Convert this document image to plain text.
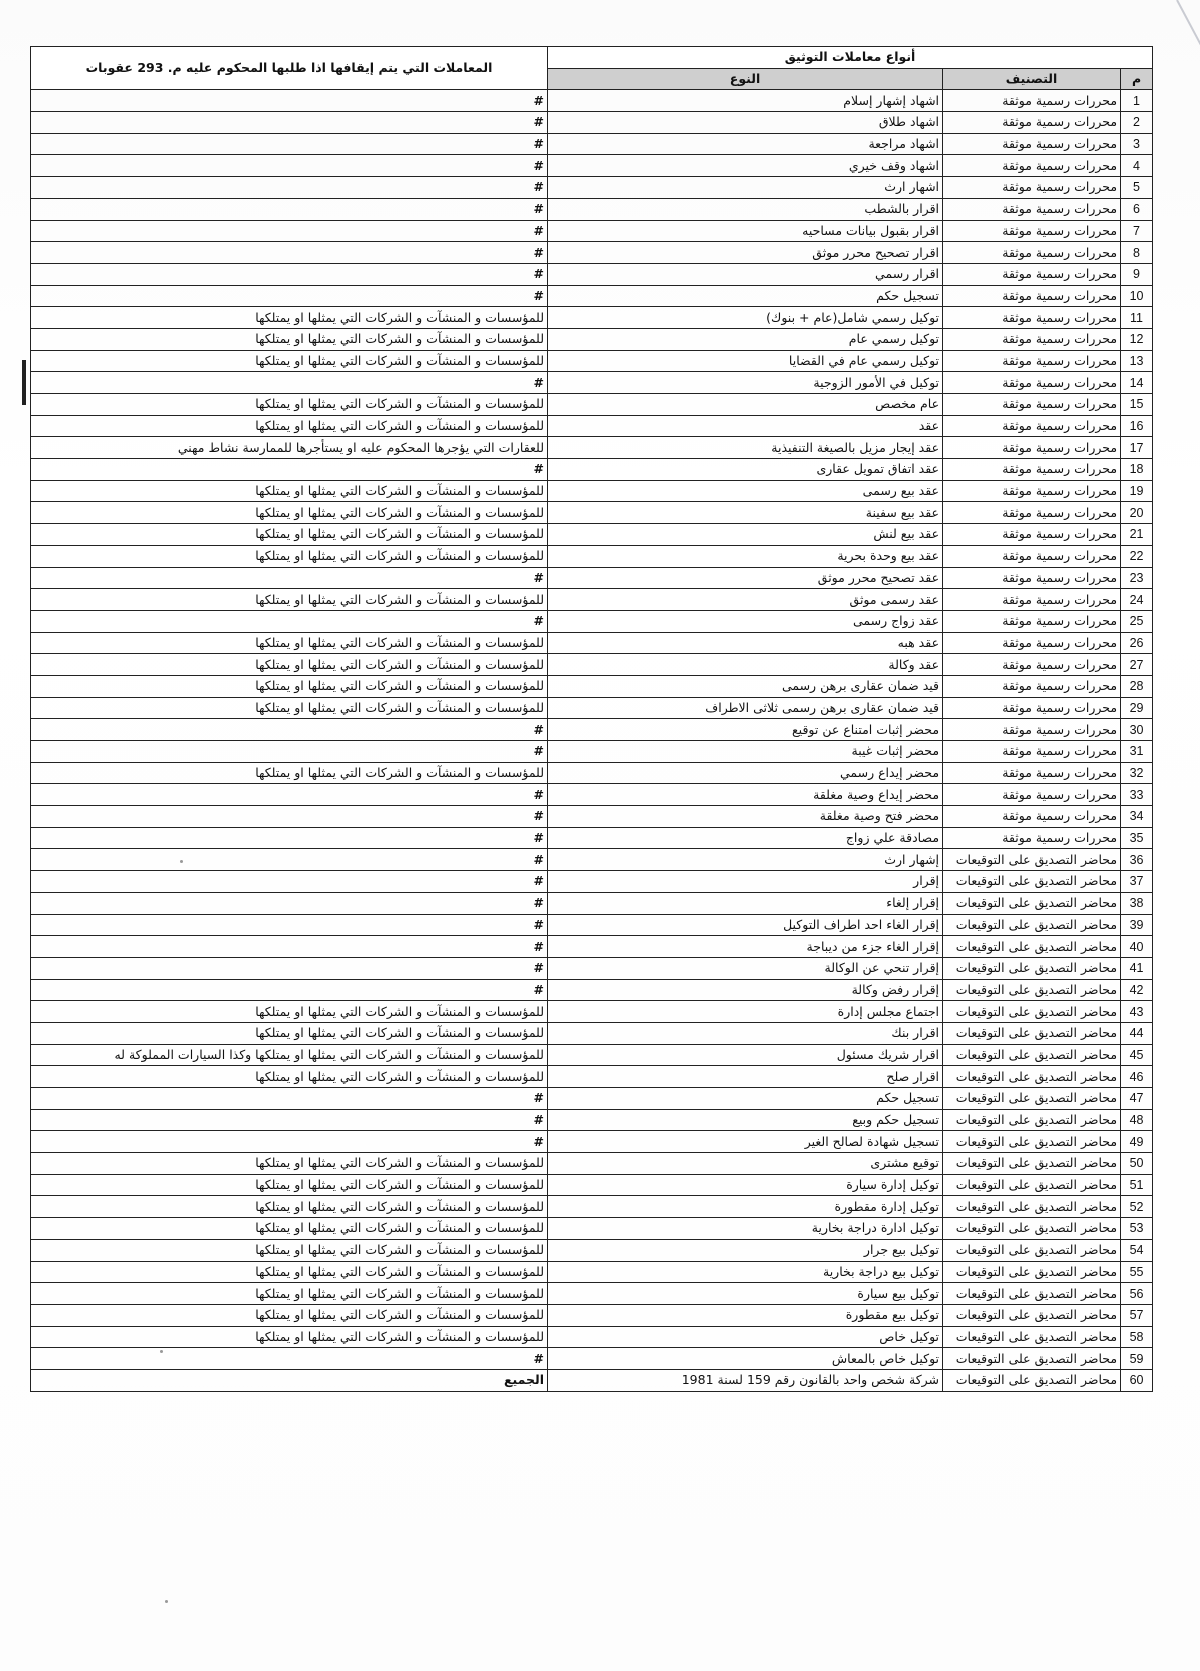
أنواع معاملات التوثيق			المعاملات التي يتم إيقافها اذا طلبها المحكوم عليه م. 293 عقوبات
م	التصنيف	النوع	
1	محررات رسمية موثقة	اشهاد إشهار إسلام	#
2	محررات رسمية موثقة	اشهاد طلاق	#
3	محررات رسمية موثقة	اشهاد مراجعة	#
4	محررات رسمية موثقة	اشهاد وقف خيري	#
5	محررات رسمية موثقة	اشهار ارث	#
6	محررات رسمية موثقة	اقرار بالشطب	#
7	محررات رسمية موثقة	اقرار بقبول بيانات مساحيه	#
8	محررات رسمية موثقة	اقرار تصحيح محرر موثق	#
9	محررات رسمية موثقة	اقرار رسمي	#
10	محررات رسمية موثقة	تسجيل حكم	#
11	محررات رسمية موثقة	توكيل رسمي شامل(عام + بنوك)	للمؤسسات و المنشآت و الشركات التي يمثلها او يمتلكها
12	محررات رسمية موثقة	توكيل رسمي عام	للمؤسسات و المنشآت و الشركات التي يمثلها او يمتلكها
13	محررات رسمية موثقة	توكيل رسمي عام في القضايا	للمؤسسات و المنشآت و الشركات التي يمثلها او يمتلكها
14	محررات رسمية موثقة	توكيل في الأمور الزوجية	#
15	محررات رسمية موثقة	عام مخصص	للمؤسسات و المنشآت و الشركات التي يمثلها او يمتلكها
16	محررات رسمية موثقة	عقد	للمؤسسات و المنشآت و الشركات التي يمثلها او يمتلكها
17	محررات رسمية موثقة	عقد إيجار مزيل بالصيغة التنفيذية	للعقارات التي يؤجرها المحكوم عليه او يستأجرها للممارسة نشاط مهني
18	محررات رسمية موثقة	عقد اتفاق تمويل عقارى	#
19	محررات رسمية موثقة	عقد بيع رسمى	للمؤسسات و المنشآت و الشركات التي يمثلها او يمتلكها
20	محررات رسمية موثقة	عقد بيع سفينة	للمؤسسات و المنشآت و الشركات التي يمثلها او يمتلكها
21	محررات رسمية موثقة	عقد بيع لنش	للمؤسسات و المنشآت و الشركات التي يمثلها او يمتلكها
22	محررات رسمية موثقة	عقد بيع وحدة بحرية	للمؤسسات و المنشآت و الشركات التي يمثلها او يمتلكها
23	محررات رسمية موثقة	عقد تصحيح محرر موثق	#
24	محررات رسمية موثقة	عقد رسمى موثق	للمؤسسات و المنشآت و الشركات التي يمثلها او يمتلكها
25	محررات رسمية موثقة	عقد زواج رسمى	#
26	محررات رسمية موثقة	عقد هبه	للمؤسسات و المنشآت و الشركات التي يمثلها او يمتلكها
27	محررات رسمية موثقة	عقد وكالة	للمؤسسات و المنشآت و الشركات التي يمثلها او يمتلكها
28	محررات رسمية موثقة	قيد ضمان عقارى برهن رسمى	للمؤسسات و المنشآت و الشركات التي يمثلها او يمتلكها
29	محررات رسمية موثقة	قيد ضمان عقارى برهن رسمى ثلاثى الاطراف	للمؤسسات و المنشآت و الشركات التي يمثلها او يمتلكها
30	محررات رسمية موثقة	محضر إثبات امتناع عن توقيع	#
31	محررات رسمية موثقة	محضر إثبات غيبة	#
32	محررات رسمية موثقة	محضر إيداع رسمي	للمؤسسات و المنشآت و الشركات التي يمثلها او يمتلكها
33	محررات رسمية موثقة	محضر إيداع وصية مغلقة	#
34	محررات رسمية موثقة	محضر فتح وصية مغلقة	#
35	محررات رسمية موثقة	مصادقة علي زواج	#
36	محاضر التصديق على التوقيعات	إشهار ارث	#
37	محاضر التصديق على التوقيعات	إقرار	#
38	محاضر التصديق على التوقيعات	إقرار إلغاء	#
39	محاضر التصديق على التوقيعات	إقرار الغاء احد اطراف التوكيل	#
40	محاضر التصديق على التوقيعات	إقرار الغاء جزء من ديباجة	#
41	محاضر التصديق على التوقيعات	إقرار تنحي عن الوكالة	#
42	محاضر التصديق على التوقيعات	إقرار رفض وكالة	#
43	محاضر التصديق على التوقيعات	اجتماع مجلس إدارة	للمؤسسات و المنشآت و الشركات التي يمثلها او يمتلكها
44	محاضر التصديق على التوقيعات	اقرار بنك	للمؤسسات و المنشآت و الشركات التي يمثلها او يمتلكها
45	محاضر التصديق على التوقيعات	اقرار شريك مسئول	للمؤسسات و المنشآت و الشركات التي يمثلها او يمتلكها وكذا السيارات المملوكة له
46	محاضر التصديق على التوقيعات	اقرار صلح	للمؤسسات و المنشآت و الشركات التي يمثلها او يمتلكها
47	محاضر التصديق على التوقيعات	تسجيل حكم	#
48	محاضر التصديق على التوقيعات	تسجيل حكم وبيع	#
49	محاضر التصديق على التوقيعات	تسجيل شهادة لصالح الغير	#
50	محاضر التصديق على التوقيعات	توقيع مشترى	للمؤسسات و المنشآت و الشركات التي يمثلها او يمتلكها
51	محاضر التصديق على التوقيعات	توكيل إدارة سيارة	للمؤسسات و المنشآت و الشركات التي يمثلها او يمتلكها
52	محاضر التصديق على التوقيعات	توكيل إدارة مقطورة	للمؤسسات و المنشآت و الشركات التي يمثلها او يمتلكها
53	محاضر التصديق على التوقيعات	توكيل ادارة دراجة بخارية	للمؤسسات و المنشآت و الشركات التي يمثلها او يمتلكها
54	محاضر التصديق على التوقيعات	توكيل بيع جرار	للمؤسسات و المنشآت و الشركات التي يمثلها او يمتلكها
55	محاضر التصديق على التوقيعات	توكيل بيع دراجة بخارية	للمؤسسات و المنشآت و الشركات التي يمثلها او يمتلكها
56	محاضر التصديق على التوقيعات	توكيل بيع سيارة	للمؤسسات و المنشآت و الشركات التي يمثلها او يمتلكها
57	محاضر التصديق على التوقيعات	توكيل بيع مقطورة	للمؤسسات و المنشآت و الشركات التي يمثلها او يمتلكها
58	محاضر التصديق على التوقيعات	توكيل خاص	للمؤسسات و المنشآت و الشركات التي يمثلها او يمتلكها
59	محاضر التصديق على التوقيعات	توكيل خاص بالمعاش	#
60	محاضر التصديق على التوقيعات	شركة شخص واحد بالقانون رقم 159 لسنة 1981	الجميع
